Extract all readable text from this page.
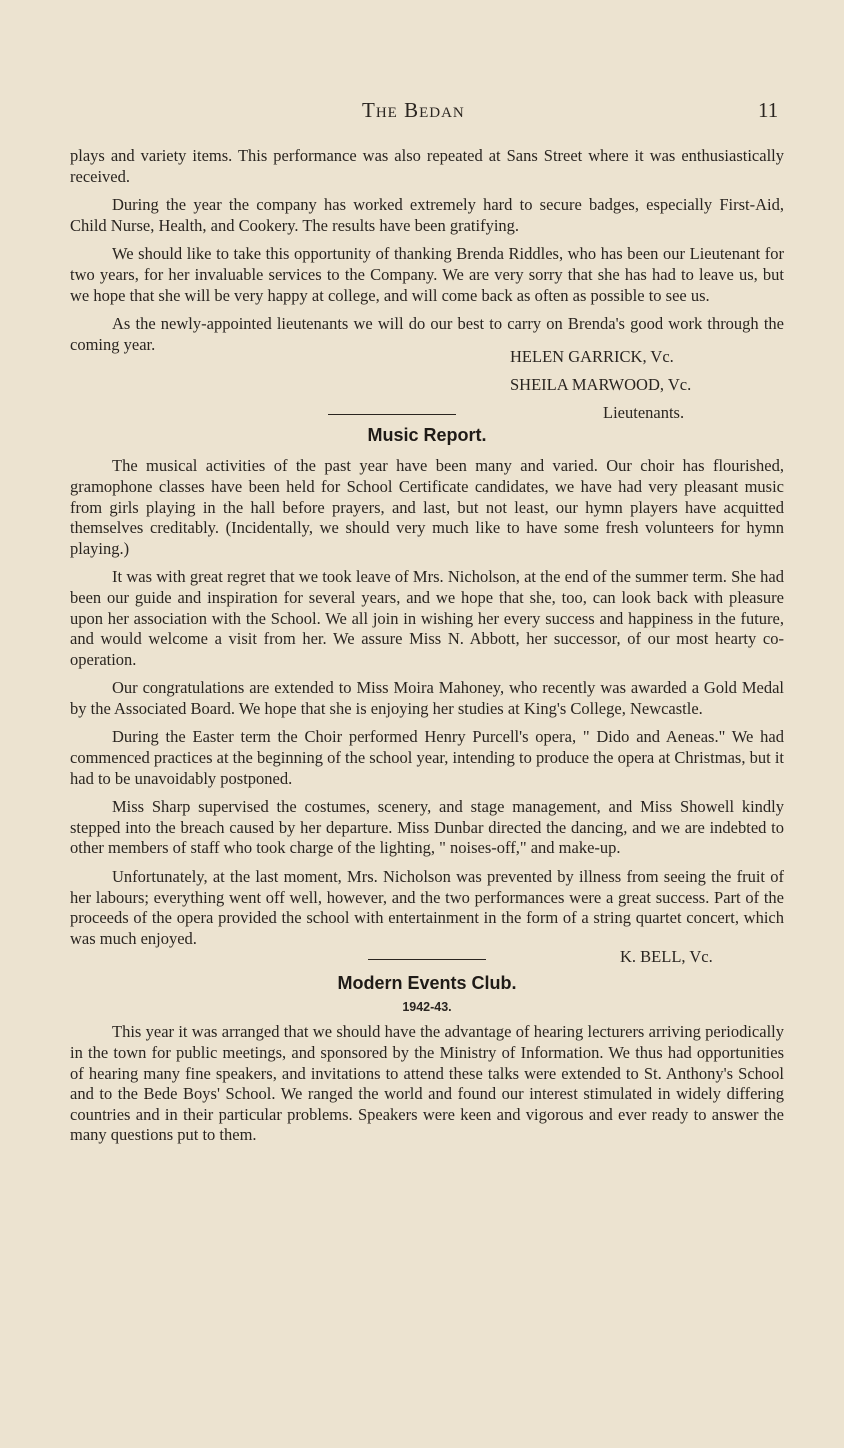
The Bedan	11

plays and variety items. This performance was also repeated at Sans Street where it was enthusiastically received.

During the year the company has worked extremely hard to secure badges, especially First-Aid, Child Nurse, Health, and Cookery. The results have been gratifying.

We should like to take this opportunity of thanking Brenda Riddles, who has been our Lieutenant for two years, for her invaluable services to the Company. We are very sorry that she has had to leave us, but we hope that she will be very happy at college, and will come back as often as possible to see us.

As the newly-appointed lieutenants we will do our best to carry on Brenda's good work through the coming year.

HELEN GARRICK, Vc.
SHEILA MARWOOD, Vc.
Lieutenants.
Music Report.

The musical activities of the past year have been many and varied. Our choir has flourished, gramophone classes have been held for School Certificate candidates, we have had very pleasant music from girls playing in the hall before prayers, and last, but not least, our hymn players have acquitted themselves creditably. (Incidentally, we should very much like to have some fresh volunteers for hymn playing.)

It was with great regret that we took leave of Mrs. Nicholson, at the end of the summer term. She had been our guide and inspiration for several years, and we hope that she, too, can look back with pleasure upon her association with the School. We all join in wishing her every success and happiness in the future, and would welcome a visit from her. We assure Miss N. Abbott, her successor, of our most hearty co-operation.

Our congratulations are extended to Miss Moira Mahoney, who recently was awarded a Gold Medal by the Associated Board. We hope that she is enjoying her studies at King's College, Newcastle.

During the Easter term the Choir performed Henry Purcell's opera, " Dido and Aeneas." We had commenced practices at the beginning of the school year, intending to produce the opera at Christmas, but it had to be unavoidably postponed.

Miss Sharp supervised the costumes, scenery, and stage management, and Miss Showell kindly stepped into the breach caused by her departure. Miss Dunbar directed the dancing, and we are indebted to other members of staff who took charge of the lighting, " noises-off," and make-up.

Unfortunately, at the last moment, Mrs. Nicholson was prevented by illness from seeing the fruit of her labours; everything went off well, however, and the two performances were a great success. Part of the proceeds of the opera provided the school with entertainment in the form of a string quartet concert, which was much enjoyed.

K. BELL, Vc.
Modern Events Club.
1942-43.

This year it was arranged that we should have the advantage of hearing lecturers arriving periodically in the town for public meetings, and sponsored by the Ministry of Information. We thus had opportunities of hearing many fine speakers, and invitations to attend these talks were extended to St. Anthony's School and to the Bede Boys' School. We ranged the world and found our interest stimulated in widely differing countries and in their particular problems. Speakers were keen and vigorous and ever ready to answer the many questions put to them.
